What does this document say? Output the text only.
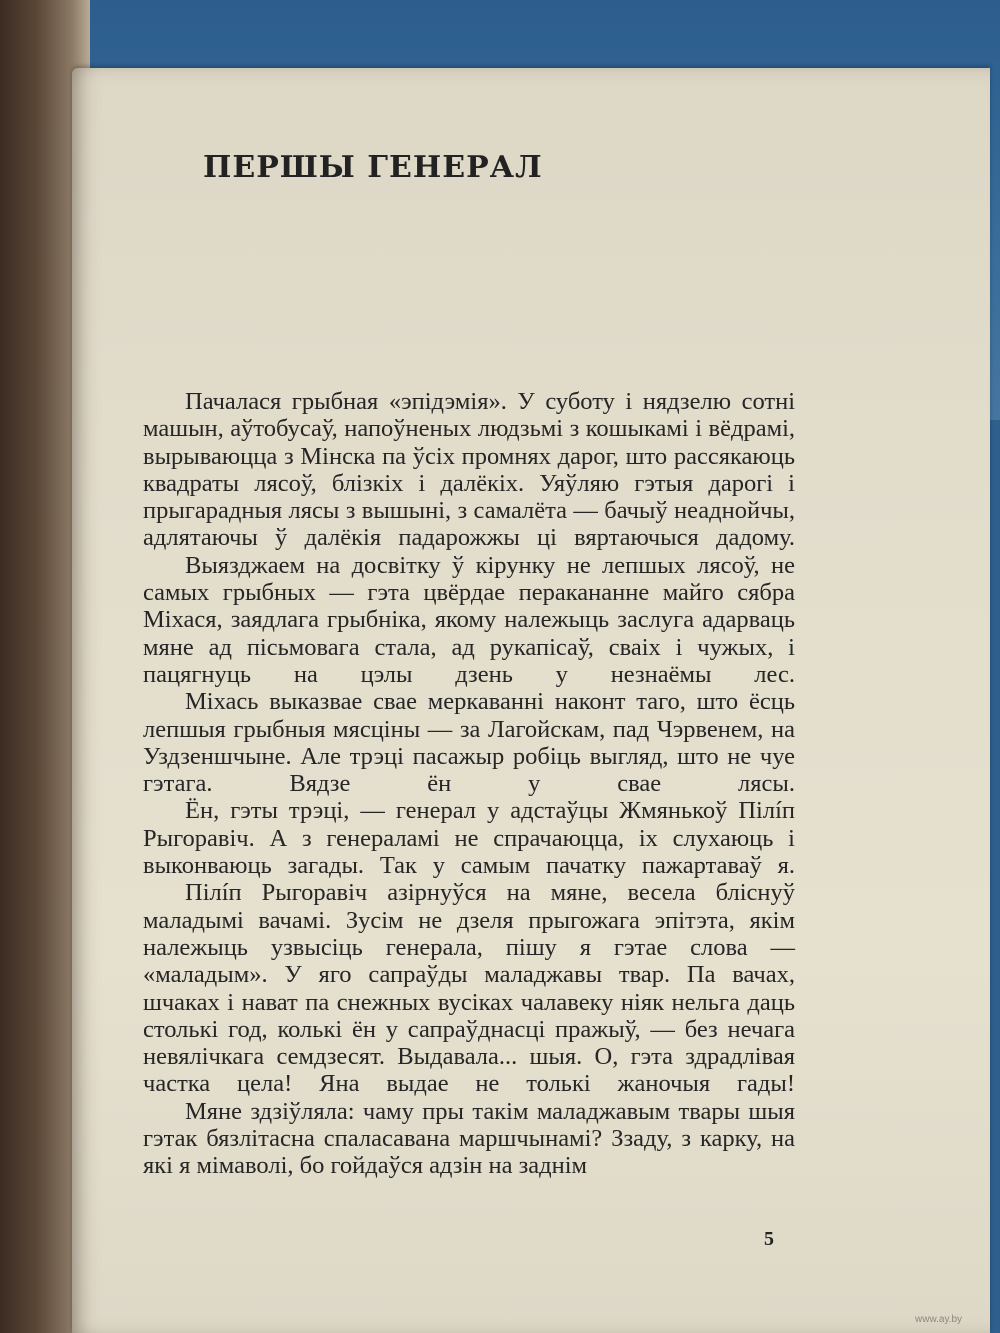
ПЕРШЫ ГЕНЕРАЛ

Пачалася грыбная «эпідэмія». У суботу і нядзелю сотні машын, аўтобусаў, напоўненых людзьмі з кошыкамі і вёдрамі, вырываюцца з Мінска па ўсіх промнях дарог, што рассякаюць квадраты лясоў, блізкіх і далёкіх. Уяўляю гэтыя дарогі і прыгарадныя лясы з вышыні, з самалёта — бачыў неаднойчы, адлятаючы ў далёкія падарожжы ці вяртаючыся дадому.

Выязджаем на досвітку ў кірунку не лепшых лясоў, не самых грыбных — гэта цвёрдае перакананне майго сябра Міхася, заядлага грыбніка, якому належыць заслуга адарваць мяне ад пісьмовага стала, ад рукапісаў, сваіх і чужых, і пацягнуць на цэлы дзень у незнаёмы лес.

Міхась выказвае свае меркаванні наконт таго, што ёсць лепшыя грыбныя мясціны — за Лагойскам, пад Чэрвенем, на Уздзеншчыне. Але трэці пасажыр робіць выгляд, што не чуе гэтага. Вядзе ён у свае лясы.

Ён, гэты трэці, — генерал у адстаўцы Жмянькоў Пілíп Рыгоравіч. А з генераламі не спрачаюцца, іх слухаюць і выконваюць загады. Так у самым пачатку пажартаваў я.

Пілíп Рыгоравіч азірнуўся на мяне, весела бліснуў маладымі вачамі. Зусім не дзеля прыгожага эпітэта, якім належыць узвысіць генерала, пішу я гэтае слова — «маладым». У яго сапраўды маладжавы твар. Па вачах, шчаках і нават па снежных вусіках чалавеку ніяк нельга даць столькі год, колькі ён у сапраўднасці пражыў, — без нечага невялічкага семдзесят. Выдавала... шыя. О, гэта здрадлівая частка цела! Яна выдае не толькі жаночыя гады!

Мяне здзіўляла: чаму пры такім маладжавым твары шыя гэтак бязлітасна спаласавана маршчынамі? Ззаду, з карку, на які я мімаволі, бо гойдаўся адзін на заднім

5
www.ay.by
